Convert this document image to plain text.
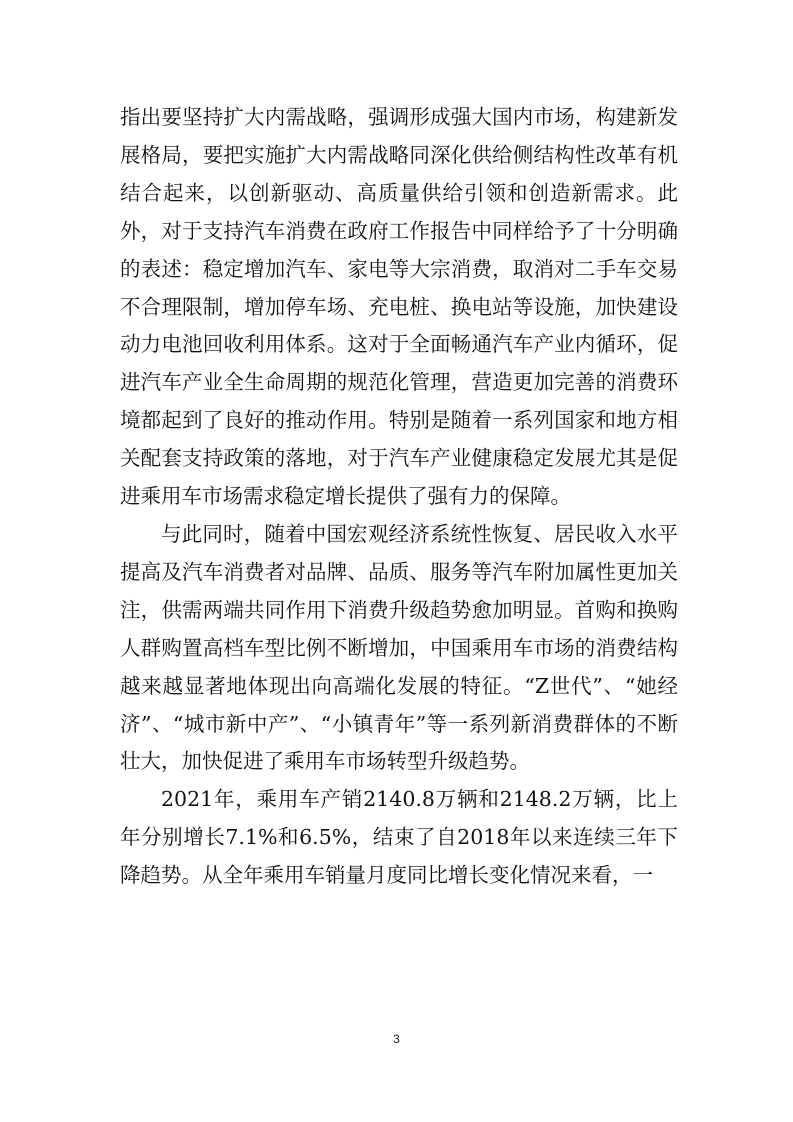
指出要坚持扩大内需战略，强调形成强大国内市场，构建新发展格局，要把实施扩大内需战略同深化供给侧结构性改革有机结合起来，以创新驱动、高质量供给引领和创造新需求。此外，对于支持汽车消费在政府工作报告中同样给予了十分明确的表述：稳定增加汽车、家电等大宗消费，取消对二手车交易不合理限制，增加停车场、充电桩、换电站等设施，加快建设动力电池回收利用体系。这对于全面畅通汽车产业内循环，促进汽车产业全生命周期的规范化管理，营造更加完善的消费环境都起到了良好的推动作用。特别是随着一系列国家和地方相关配套支持政策的落地，对于汽车产业健康稳定发展尤其是促进乘用车市场需求稳定增长提供了强有力的保障。

与此同时，随着中国宏观经济系统性恢复、居民收入水平提高及汽车消费者对品牌、品质、服务等汽车附加属性更加关注，供需两端共同作用下消费升级趋势愈加明显。首购和换购人群购置高档车型比例不断增加，中国乘用车市场的消费结构越来越显著地体现出向高端化发展的特征。“Z世代”、“她经济”、“城市新中产”、“小镇青年”等一系列新消费群体的不断壮大，加快促进了乘用车市场转型升级趋势。

2021年，乘用车产销2140.8万辆和2148.2万辆，比上年分别增长7.1%和6.5%，结束了自2018年以来连续三年下降趋势。从全年乘用车销量月度同比增长变化情况来看，一

3
